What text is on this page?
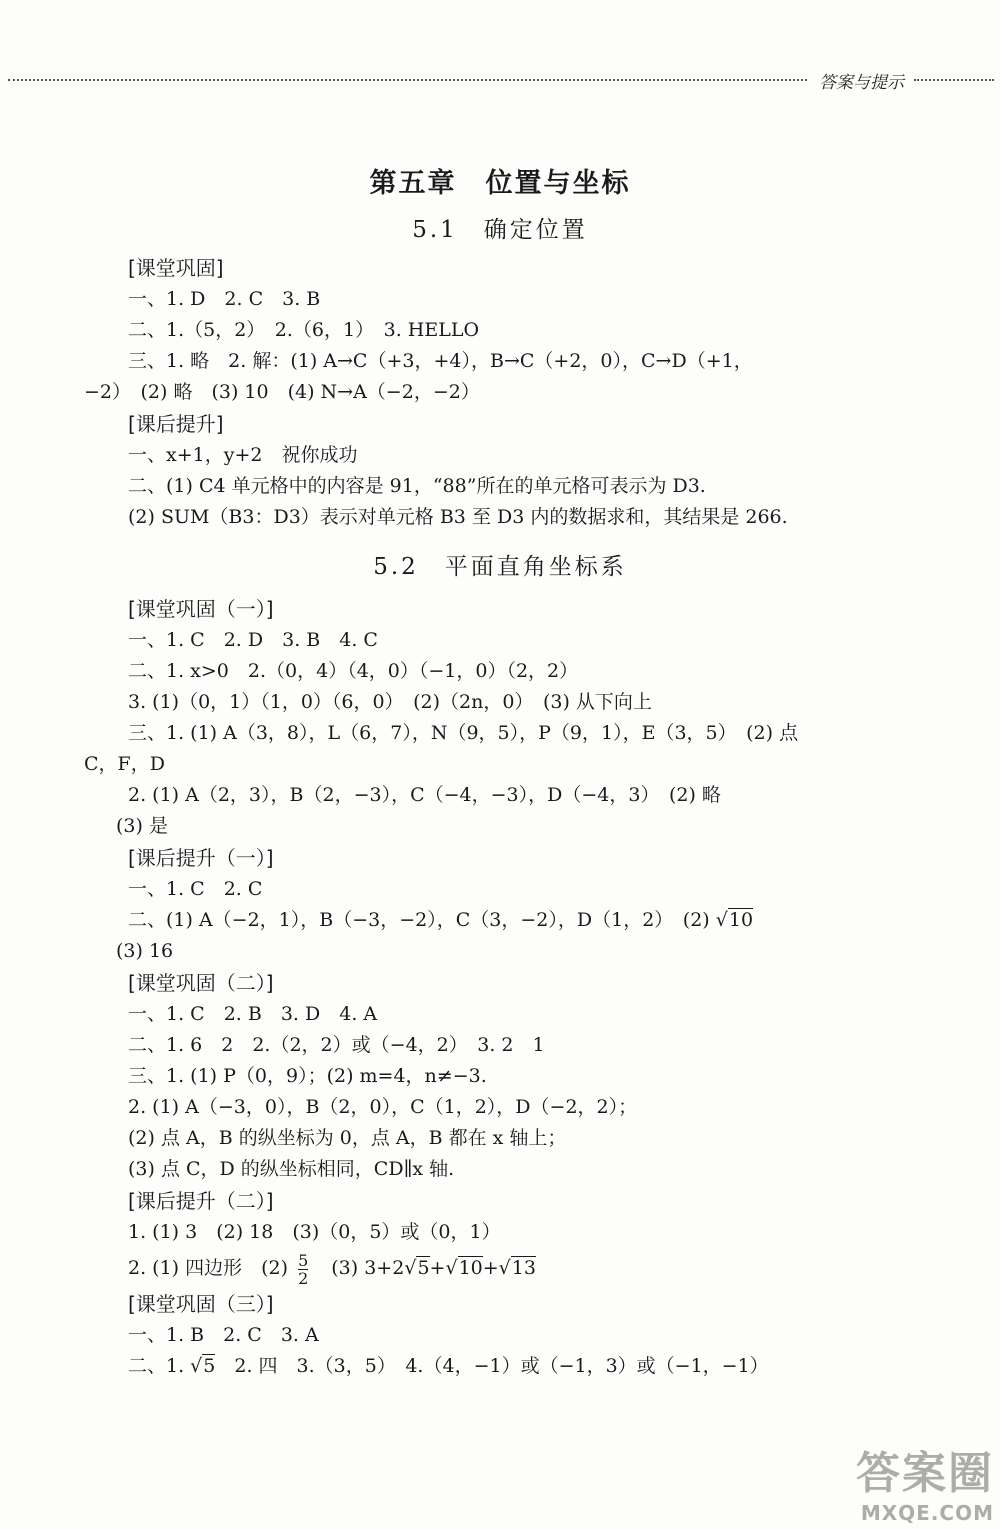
答案与提示
第五章　位置与坐标
5.1　确定位置
[课堂巩固]
一、1. D　2. C　3. B
二、1.（5，2）　2.（6，1）　3. HELLO
三、1. 略　2. 解：(1) A→C（+3，+4），B→C（+2，0），C→D（+1，
−2）　(2) 略　(3) 10　(4) N→A（−2，−2）
[课后提升]
一、x+1，y+2　祝你成功
二、(1) C4 单元格中的内容是 91，“88”所在的单元格可表示为 D3.
(2) SUM（B3：D3）表示对单元格 B3 至 D3 内的数据求和，其结果是 266.
5.2　平面直角坐标系
[课堂巩固（一）]
一、1. C　2. D　3. B　4. C
二、1. x>0　2.（0，4）（4，0）（−1，0）（2，2）
3. (1)（0，1）（1，0）（6，0）　(2)（2n，0）　(3) 从下向上
三、1. (1) A（3，8），L（6，7），N（9，5），P（9，1），E（3，5）　(2) 点
C，F，D
2. (1) A（2，3），B（2，−3），C（−4，−3），D（−4，3）　(2) 略
(3) 是
[课后提升（一）]
一、1. C　2. C
二、(1) A（−2，1），B（−3，−2），C（3，−2），D（1，2）　(2) √10
(3) 16
[课堂巩固（二）]
一、1. C　2. B　3. D　4. A
二、1. 6　2　2.（2，2）或（−4，2）　3. 2　1
三、1. (1) P（0，9）；(2) m=4，n≠−3.
2. (1) A（−3，0），B（2，0），C（1，2），D（−2，2）；
(2) 点 A，B 的纵坐标为 0，点 A，B 都在 x 轴上；
(3) 点 C，D 的纵坐标相同，CD∥x 轴.
[课后提升（二）]
1. (1) 3　(2) 18　(3)（0，5）或（0，1）
2. (1) 四边形　$(2) \frac{5}{2}$ 　(3) 3+2√5+√10+√13
[课堂巩固（三）]
一、1. B　2. C　3. A
二、1. √5　2. 四　3.（3，5）　4.（4，−1）或（−1，3）或（−1，−1）
答案圈
MXQE.COM
